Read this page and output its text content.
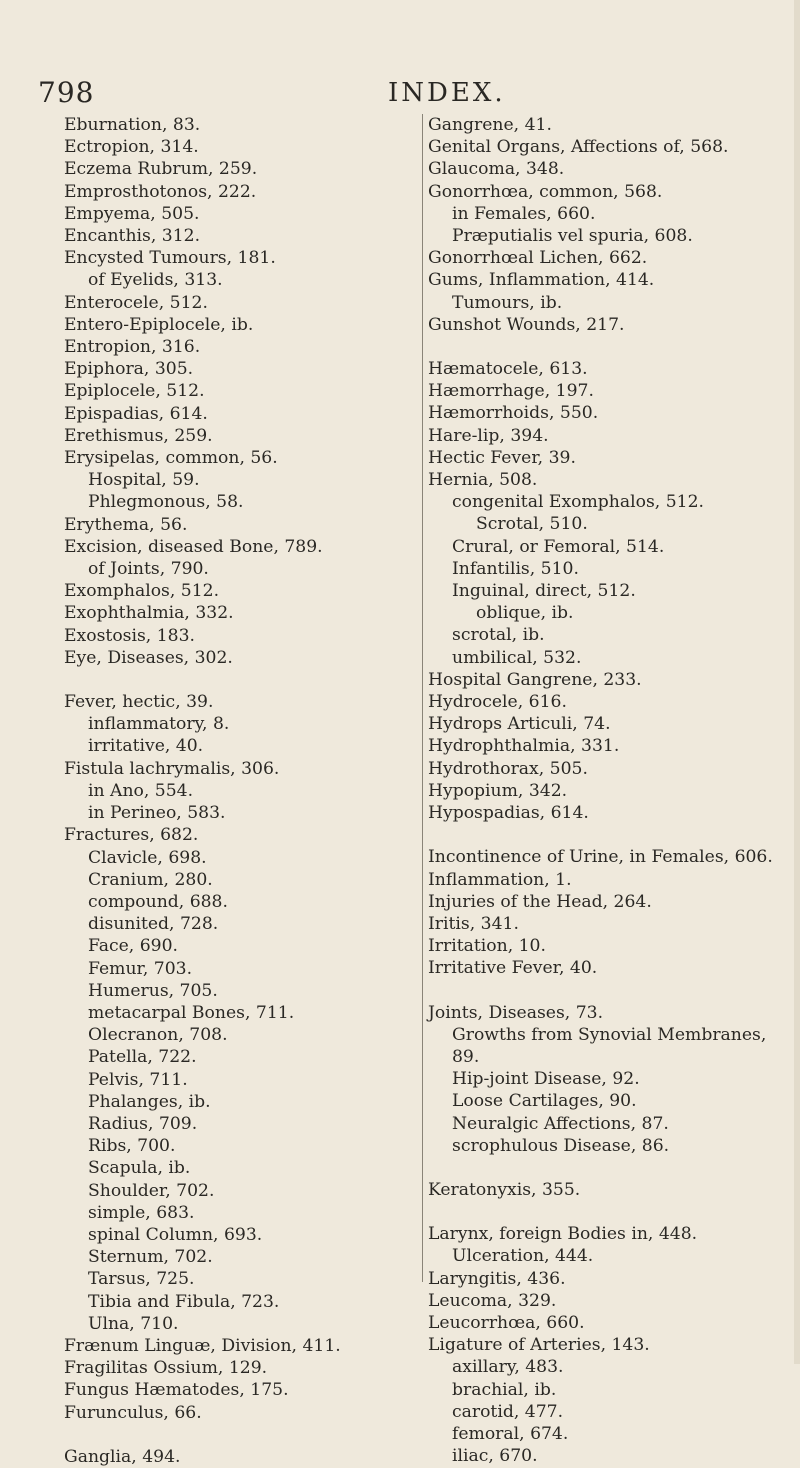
798	INDEX.
Eburnation, 83.
Ectropion, 314.
Eczema Rubrum, 259.
Emprosthotonos, 222.
Empyema, 505.
Encanthis, 312.
Encysted Tumours, 181.
of Eyelids, 313.
Enterocele, 512.
Entero-Epiplocele, ib.
Entropion, 316.
Epiphora, 305.
Epiplocele, 512.
Epispadias, 614.
Erethismus, 259.
Erysipelas, common, 56.
Hospital, 59.
Phlegmonous, 58.
Erythema, 56.
Excision, diseased Bone, 789.
of Joints, 790.
Exomphalos, 512.
Exophthalmia, 332.
Exostosis, 183.
Eye, Diseases, 302.
Fever, hectic, 39.
inflammatory, 8.
irritative, 40.
Fistula lachrymalis, 306.
in Ano, 554.
in Perineo, 583.
Fractures, 682.
Clavicle, 698.
Cranium, 280.
compound, 688.
disunited, 728.
Face, 690.
Femur, 703.
Humerus, 705.
metacarpal Bones, 711.
Olecranon, 708.
Patella, 722.
Pelvis, 711.
Phalanges, ib.
Radius, 709.
Ribs, 700.
Scapula, ib.
Shoulder, 702.
simple, 683.
spinal Column, 693.
Sternum, 702.
Tarsus, 725.
Tibia and Fibula, 723.
Ulna, 710.
Frænum Linguæ, Division, 411.
Fragilitas Ossium, 129.
Fungus Hæmatodes, 175.
Furunculus, 66.
Ganglia, 494.
Gangrene, 41.
Genital Organs, Affections of, 568.
Glaucoma, 348.
Gonorrhœa, common, 568.
in Females, 660.
Præputialis vel spuria, 608.
Gonorrhœal Lichen, 662.
Gums, Inflammation, 414.
Tumours, ib.
Gunshot Wounds, 217.
Hæmatocele, 613.
Hæmorrhage, 197.
Hæmorrhoids, 550.
Hare-lip, 394.
Hectic Fever, 39.
Hernia, 508.
congenital Exomphalos, 512.
Scrotal, 510.
Crural, or Femoral, 514.
Infantilis, 510.
Inguinal, direct, 512.
oblique, ib.
scrotal, ib.
umbilical, 532.
Hospital Gangrene, 233.
Hydrocele, 616.
Hydrops Articuli, 74.
Hydrophthalmia, 331.
Hydrothorax, 505.
Hypopium, 342.
Hypospadias, 614.
Incontinence of Urine, in Females, 606.
Inflammation, 1.
Injuries of the Head, 264.
Iritis, 341.
Irritation, 10.
Irritative Fever, 40.
Joints, Diseases, 73.
Growths from Synovial Membranes,
89.
Hip-joint Disease, 92.
Loose Cartilages, 90.
Neuralgic Affections, 87.
scrophulous Disease, 86.
Keratonyxis, 355.
Larynx, foreign Bodies in, 448.
Ulceration, 444.
Laryngitis, 436.
Leucoma, 329.
Leucorrhœa, 660.
Ligature of Arteries, 143.
axillary, 483.
brachial, ib.
carotid, 477.
femoral, 674.
iliac, 670.
